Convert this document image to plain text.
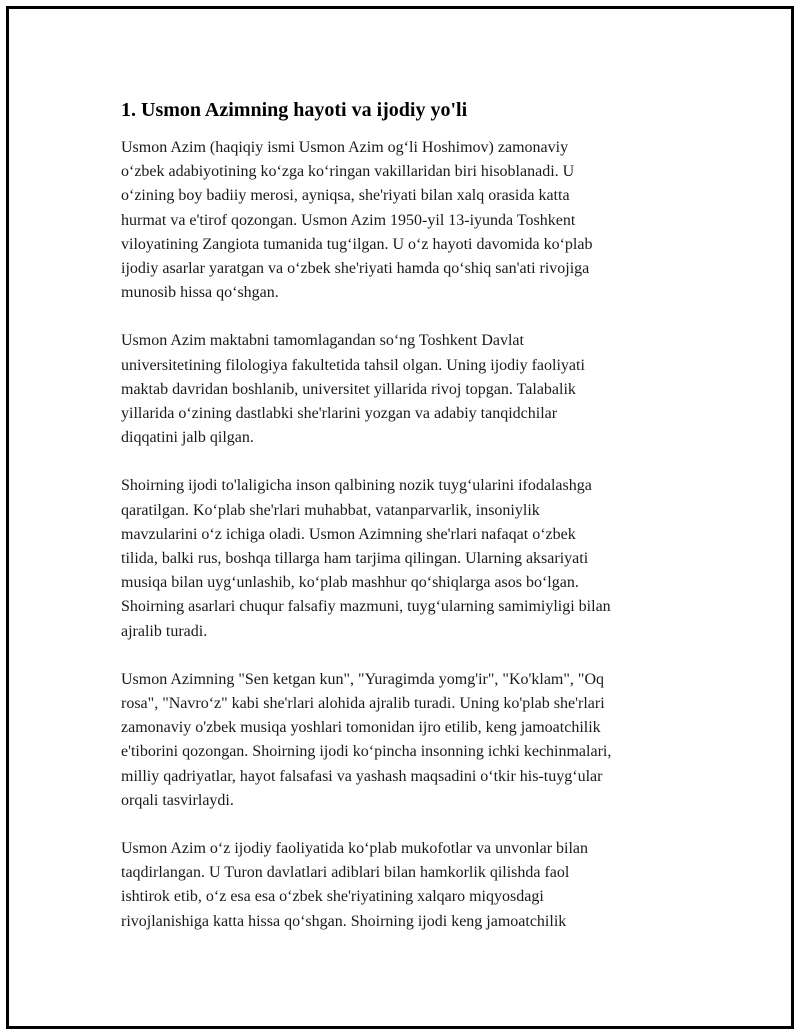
1. Usmon Azimning hayoti va ijodiy yo'li

Usmon Azim (haqiqiy ismi Usmon Azim og‘li Hoshimov) zamonaviy
o‘zbek adabiyotining ko‘zga ko‘ringan vakillaridan biri hisoblanadi. U
o‘zining boy badiiy merosi, ayniqsa, she'riyati bilan xalq orasida katta
hurmat va e'tirof qozongan. Usmon Azim 1950-yil 13-iyunda Toshkent
viloyatining Zangiota tumanida tug‘ilgan. U o‘z hayoti davomida ko‘plab
ijodiy asarlar yaratgan va o‘zbek she'riyati hamda qo‘shiq san'ati rivojiga
munosib hissa qo‘shgan.

Usmon Azim maktabni tamomlagandan so‘ng Toshkent Davlat
universitetining filologiya fakultetida tahsil olgan. Uning ijodiy faoliyati
maktab davridan boshlanib, universitet yillarida rivoj topgan. Talabalik
yillarida o‘zining dastlabki she'rlarini yozgan va adabiy tanqidchilar
diqqatini jalb qilgan.

Shoirning ijodi to'laligicha inson qalbining nozik tuyg‘ularini ifodalashga
qaratilgan. Ko‘plab she'rlari muhabbat, vatanparvarlik, insoniylik
mavzularini o‘z ichiga oladi. Usmon Azimning she'rlari nafaqat o‘zbek
tilida, balki rus, boshqa tillarga ham tarjima qilingan. Ularning aksariyati
musiqa bilan uyg‘unlashib, ko‘plab mashhur qo‘shiqlarga asos bo‘lgan.
Shoirning asarlari chuqur falsafiy mazmuni, tuyg‘ularning samimiyligi bilan
ajralib turadi.

Usmon Azimning "Sen ketgan kun", "Yuragimda yomg'ir", "Ko'klam", "Oq
rosa", "Navro‘z" kabi she'rlari alohida ajralib turadi. Uning ko'plab she'rlari
zamonaviy o'zbek musiqa yoshlari tomonidan ijro etilib, keng jamoatchilik
e'tiborini qozongan. Shoirning ijodi ko‘pincha insonning ichki kechinmalari,
milliy qadriyatlar, hayot falsafasi va yashash maqsadini o‘tkir his-tuyg‘ular
orqali tasvirlaydi.

Usmon Azim o‘z ijodiy faoliyatida ko‘plab mukofotlar va unvonlar bilan
taqdirlangan. U Turon davlatlari adiblari bilan hamkorlik qilishda faol
ishtirok etib, o‘z esa esa o‘zbek she'riyatining xalqaro miqyosdagi
rivojlanishiga katta hissa qo‘shgan. Shoirning ijodi keng jamoatchilik
